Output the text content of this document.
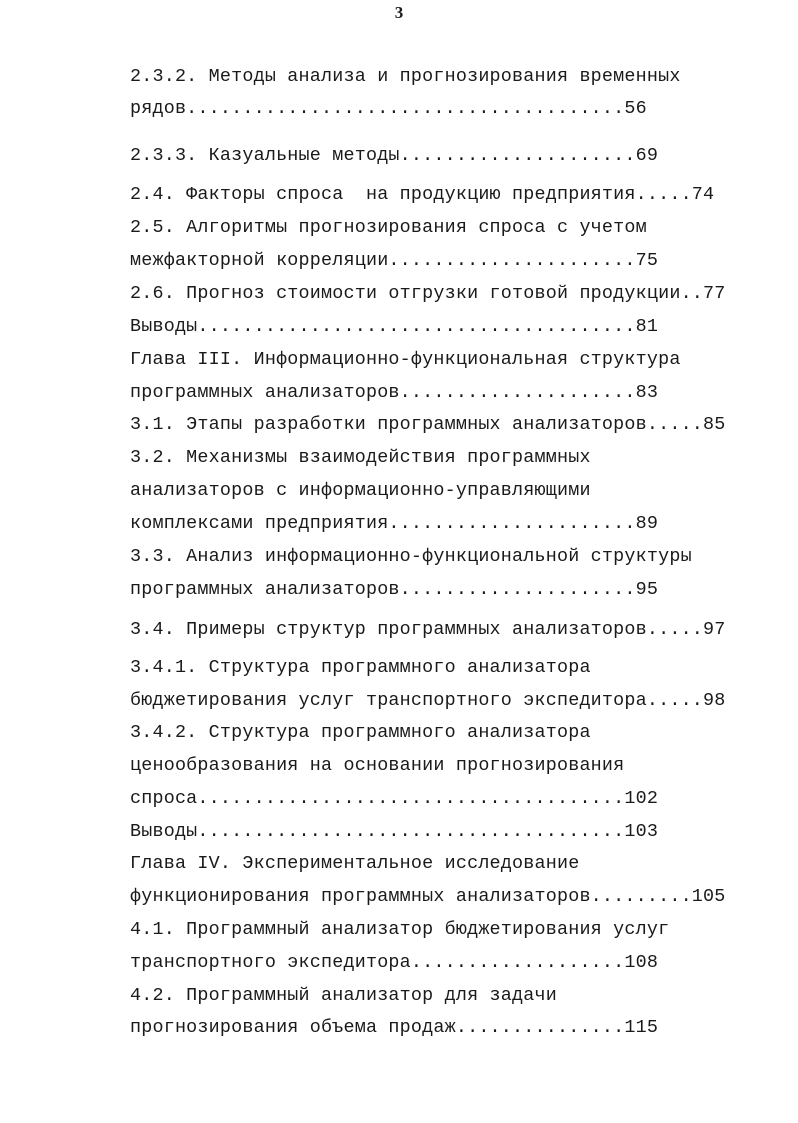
3
2.3.2. Методы анализа и прогнозирования временных
рядов.......................................56
2.3.3. Казуальные методы.....................69
2.4. Факторы спроса  на продукцию предприятия.....74
2.5. Алгоритмы прогнозирования спроса с учетом
межфакторной корреляции......................75
2.6. Прогноз стоимости отгрузки готовой продукции..77
Выводы.......................................81
Глава III. Информационно-функциональная структура
программных анализаторов.....................83
3.1. Этапы разработки программных анализаторов.....85
3.2. Механизмы взаимодействия программных
анализаторов с информационно-управляющими
комплексами предприятия......................89
3.3. Анализ информационно-функциональной структуры
программных анализаторов.....................95
3.4. Примеры структур программных анализаторов.....97
3.4.1. Структура программного анализатора
бюджетирования услуг транспортного экспедитора.....98
3.4.2. Структура программного анализатора
ценообразования на основании прогнозирования
спроса......................................102
Выводы......................................103
Глава IV. Экспериментальное исследование
функционирования программных анализаторов.........105
4.1. Программный анализатор бюджетирования услуг
транспортного экспедитора...................108
4.2. Программный анализатор для задачи
прогнозирования объема продаж...............115
